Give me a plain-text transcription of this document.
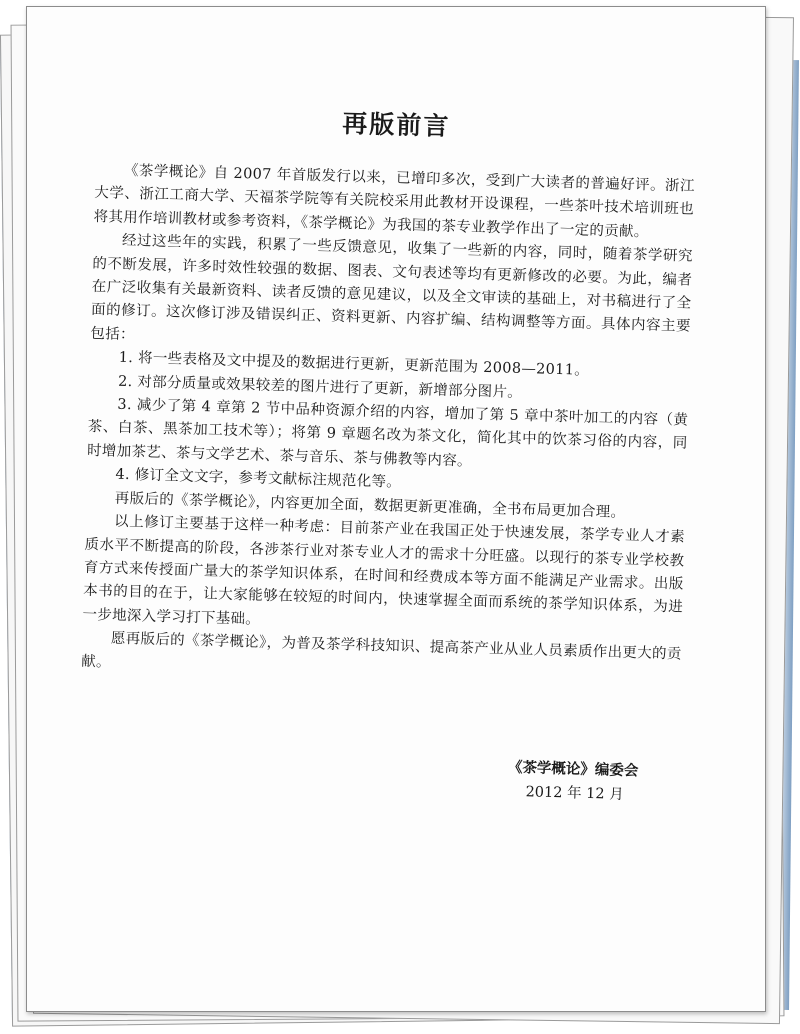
再版前言

《茶学概论》自 2007 年首版发行以来，已增印多次，受到广大读者的普遍好评。浙江大学、浙江工商大学、天福茶学院等有关院校采用此教材开设课程，一些茶叶技术培训班也将其用作培训教材或参考资料，《茶学概论》为我国的茶专业教学作出了一定的贡献。

经过这些年的实践，积累了一些反馈意见，收集了一些新的内容，同时，随着茶学研究的不断发展，许多时效性较强的数据、图表、文句表述等均有更新修改的必要。为此，编者在广泛收集有关最新资料、读者反馈的意见建议，以及全文审读的基础上，对书稿进行了全面的修订。这次修订涉及错误纠正、资料更新、内容扩编、结构调整等方面。具体内容主要包括：

1. 将一些表格及文中提及的数据进行更新，更新范围为 2008—2011。

2. 对部分质量或效果较差的图片进行了更新，新增部分图片。

3. 减少了第 4 章第 2 节中品种资源介绍的内容，增加了第 5 章中茶叶加工的内容（黄茶、白茶、黑茶加工技术等）；将第 9 章题名改为茶文化，简化其中的饮茶习俗的内容，同时增加茶艺、茶与文学艺术、茶与音乐、茶与佛教等内容。

4. 修订全文文字，参考文献标注规范化等。

再版后的《茶学概论》，内容更加全面，数据更新更准确，全书布局更加合理。

以上修订主要基于这样一种考虑：目前茶产业在我国正处于快速发展，茶学专业人才素质水平不断提高的阶段，各涉茶行业对茶专业人才的需求十分旺盛。以现行的茶专业学校教育方式来传授面广量大的茶学知识体系，在时间和经费成本等方面不能满足产业需求。出版本书的目的在于，让大家能够在较短的时间内，快速掌握全面而系统的茶学知识体系，为进一步地深入学习打下基础。

愿再版后的《茶学概论》，为普及茶学科技知识、提高茶产业从业人员素质作出更大的贡献。

《茶学概论》编委会
2012 年 12 月
